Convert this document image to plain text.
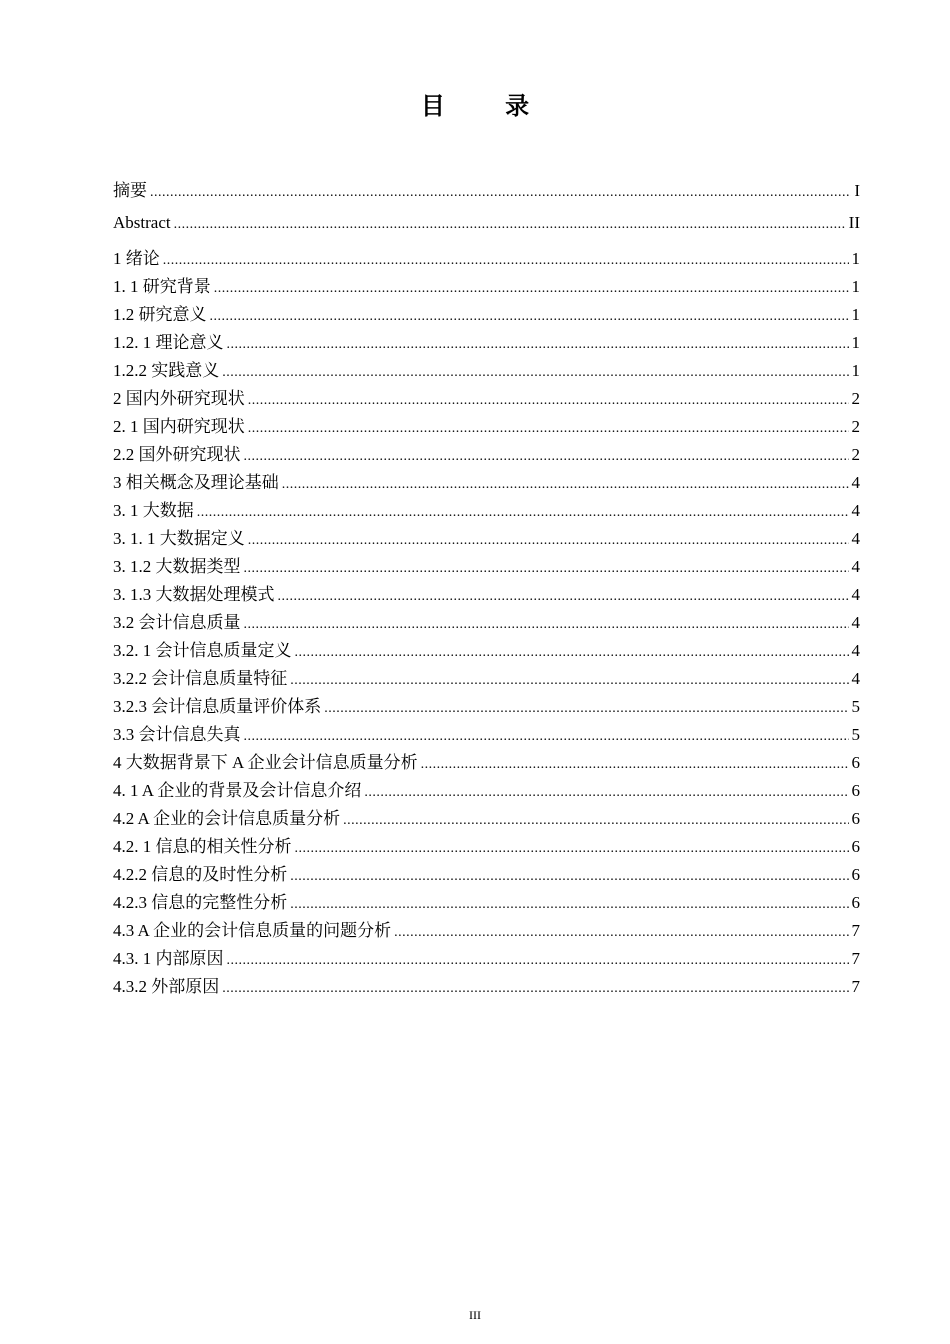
目 录
摘要 .....	I
Abstract .....	II
1 绪论 .....	1
1. 1 研究背景 .....	1
1.2 研究意义 .....	1
1.2. 1 理论意义 .....	1
1.2.2 实践意义 .....	1
2 国内外研究现状 .....	2
2. 1 国内研究现状 .....	2
2.2 国外研究现状 .....	2
3 相关概念及理论基础 .....	4
3. 1 大数据 .....	4
3. 1. 1 大数据定义 .....	4
3. 1.2 大数据类型 .....	4
3. 1.3 大数据处理模式 .....	4
3.2 会计信息质量 .....	4
3.2. 1 会计信息质量定义 .....	4
3.2.2 会计信息质量特征 .....	4
3.2.3 会计信息质量评价体系 .....	5
3.3 会计信息失真 .....	5
4 大数据背景下 A 企业会计信息质量分析 .....	6
4. 1 A 企业的背景及会计信息介绍 .....	6
4.2 A 企业的会计信息质量分析 .....	6
4.2. 1 信息的相关性分析 .....	6
4.2.2 信息的及时性分析 .....	6
4.2.3 信息的完整性分析 .....	6
4.3 A 企业的会计信息质量的问题分析 .....	7
4.3. 1 内部原因 .....	7
4.3.2 外部原因 .....	7
III
